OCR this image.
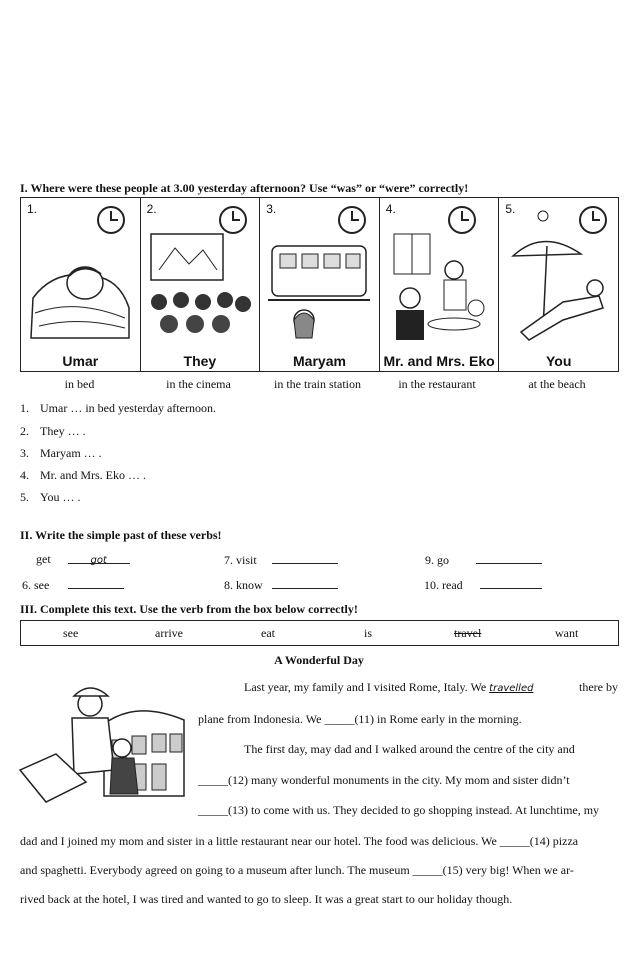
I. Where were these people at 3.00 yesterday afternoon? Use “was” or “were” correctly!
1.
Umar
2.
They
3.
Maryam
4.
Mr. and Mrs. Eko
5.
You
in bed	in the cinema	in the train station	in the restaurant	at the beach
1. Umar … in bed yesterday afternoon.
2. They … .
3. Maryam … .
4. Mr. and Mrs. Eko … .
5. You … .
II. Write the simple past of these verbs!
get	got	7. visit	9. go
6. see	8. know	10. read
III. Complete this text. Use the verb from the box below correctly!
see	arrive	eat	is	travel	want
A Wonderful Day
Last year, my family and I visited Rome, Italy. We travelled	there by
plane from Indonesia. We _____(11) in Rome early in the morning.
The first day, may dad and I walked around the centre of the city and
_____(12) many wonderful monuments in the city. My mom and sister didn’t
_____(13) to come with us. They decided to go shopping instead. At lunchtime, my
dad and I joined my mom and sister in a little restaurant near our hotel. The food was delicious. We _____(14) pizza
and spaghetti. Everybody agreed on going to a museum after lunch. The museum _____(15) very big! When we ar-
rived back at the hotel, I was tired and wanted to go to sleep. It was a great start to our holiday though.
